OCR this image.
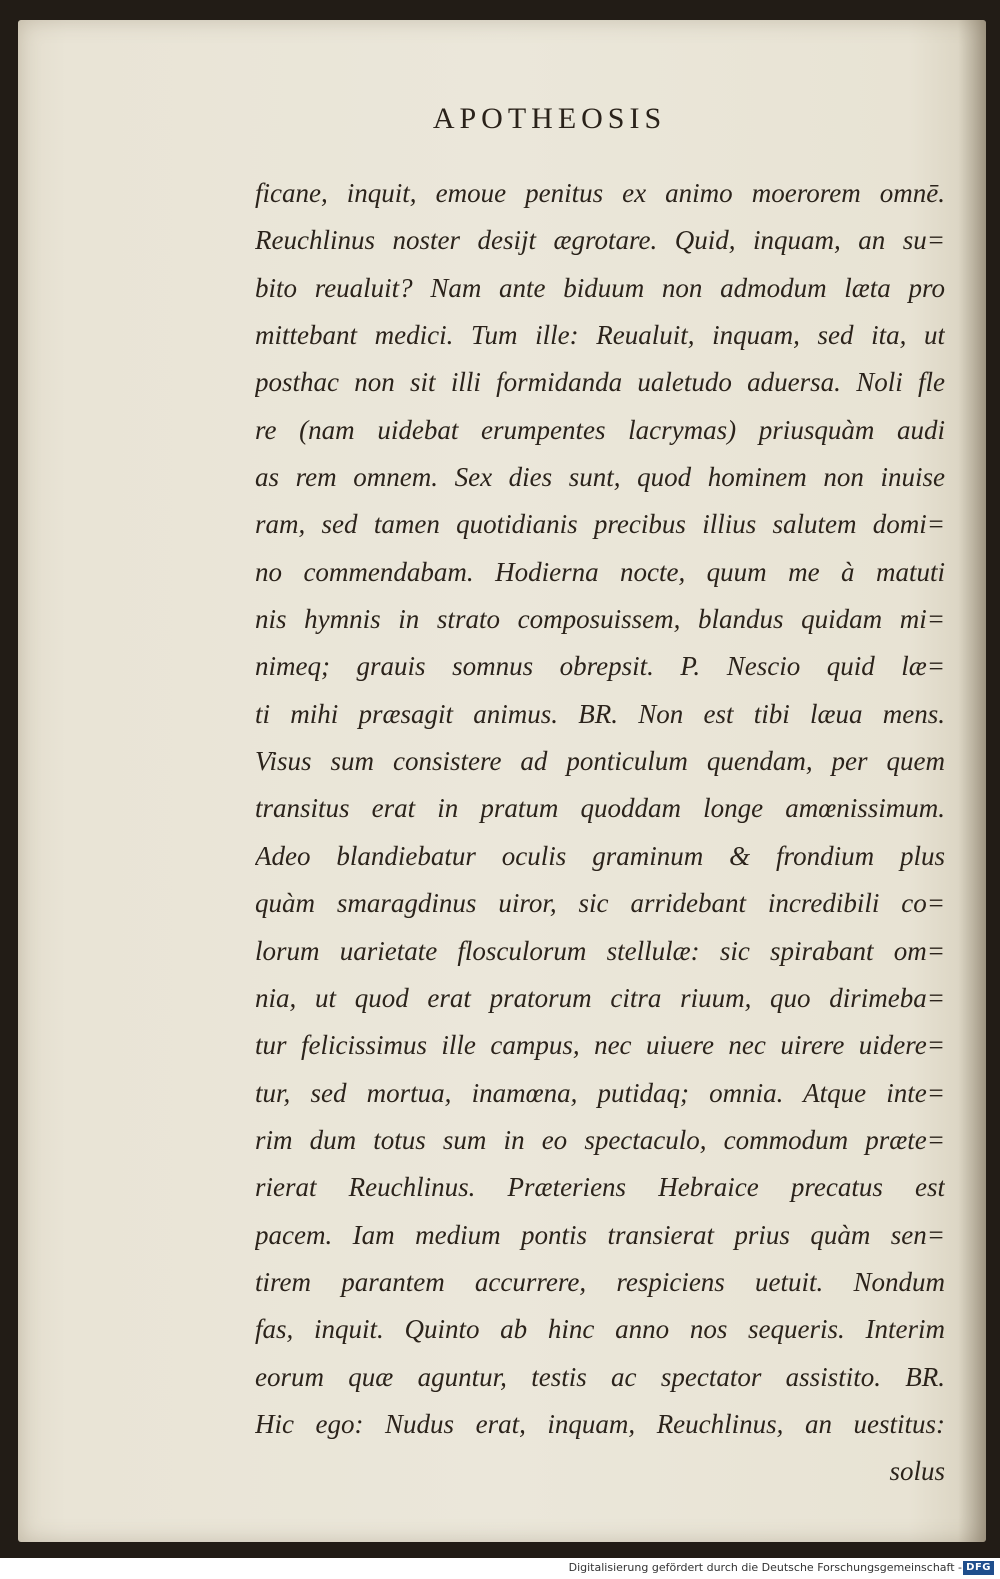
APOTHEOSIS
ficane, inquit, emoue penitus ex animo moerorem omnē.
Reuchlinus noster desijt ægrotare. Quid, inquam, an su=
bito reualuit? Nam ante biduum non admodum læta pro
mittebant medici. Tum ille: Reualuit, inquam, sed ita, ut
posthac non sit illi formidanda ualetudo aduersa. Noli fle
re (nam uidebat erumpentes lacrymas) priusquàm audi
as rem omnem. Sex dies sunt, quod hominem non inuise
ram, sed tamen quotidianis precibus illius salutem domi=
no commendabam. Hodierna nocte, quum me à matuti
nis hymnis in strato composuissem, blandus quidam mi=
nimeq; grauis somnus obrepsit. P. Nescio quid læ=
ti mihi præsagit animus. BR. Non est tibi læua mens.
Visus sum consistere ad ponticulum quendam, per quem
transitus erat in pratum quoddam longe amœnissimum.
Adeo blandiebatur oculis graminum & frondium plus
quàm smaragdinus uiror, sic arridebant incredibili co=
lorum uarietate flosculorum stellulæ: sic spirabant om=
nia, ut quod erat pratorum citra riuum, quo dirimeba=
tur felicissimus ille campus, nec uiuere nec uirere uidere=
tur, sed mortua, inamœna, putidaq; omnia. Atque inte=
rim dum totus sum in eo spectaculo, commodum præte=
rierat Reuchlinus. Præteriens Hebraice precatus est
pacem. Iam medium pontis transierat prius quàm sen=
tirem parantem accurrere, respiciens uetuit. Nondum
fas, inquit. Quinto ab hinc anno nos sequeris. Interim
eorum quæ aguntur, testis ac spectator assistito. BR.
Hic ego: Nudus erat, inquam, Reuchlinus, an uestitus:
solus
Digitalisierung gefördert durch die Deutsche Forschungsgemeinschaft - DFG
